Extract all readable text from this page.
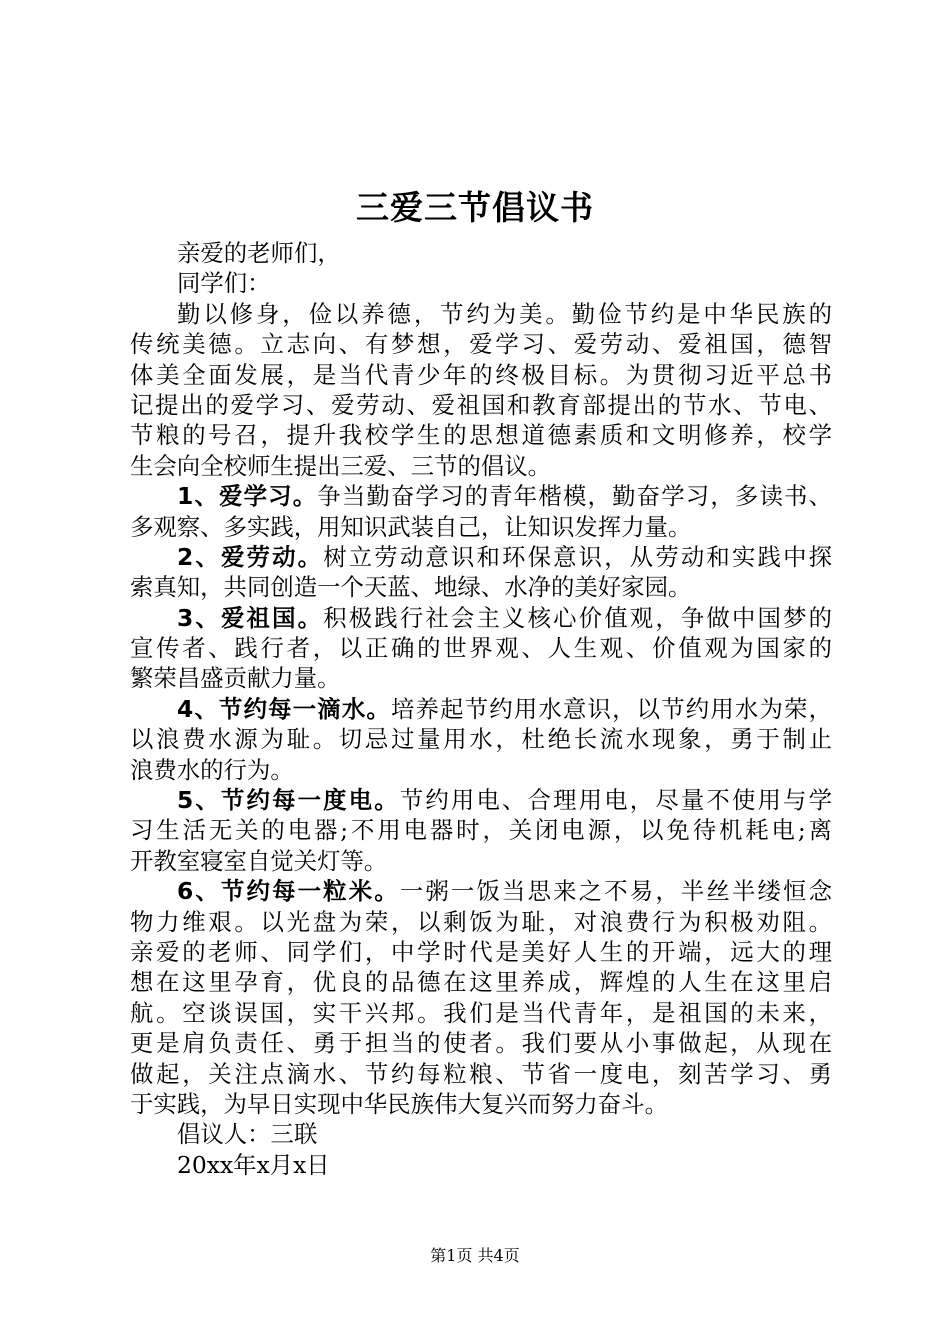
三爱三节倡议书
亲爱的老师们，
同学们：
勤以修身，俭以养德，节约为美。勤俭节约是中华民族的
传统美德。立志向、有梦想，爱学习、爱劳动、爱祖国，德智
体美全面发展，是当代青少年的终极目标。为贯彻习近平总书
记提出的爱学习、爱劳动、爱祖国和教育部提出的节水、节电、
节粮的号召，提升我校学生的思想道德素质和文明修养，校学
生会向全校师生提出三爱、三节的倡议。
1、爱学习。争当勤奋学习的青年楷模，勤奋学习，多读书、
多观察、多实践，用知识武装自己，让知识发挥力量。
2、爱劳动。树立劳动意识和环保意识，从劳动和实践中探
索真知，共同创造一个天蓝、地绿、水净的美好家园。
3、爱祖国。积极践行社会主义核心价值观，争做中国梦的
宣传者、践行者，以正确的世界观、人生观、价值观为国家的
繁荣昌盛贡献力量。
4、节约每一滴水。培养起节约用水意识，以节约用水为荣，
以浪费水源为耻。切忌过量用水，杜绝长流水现象，勇于制止
浪费水的行为。
5、节约每一度电。节约用电、合理用电，尽量不使用与学
习生活无关的电器;不用电器时，关闭电源，以免待机耗电;离
开教室寝室自觉关灯等。
6、节约每一粒米。一粥一饭当思来之不易，半丝半缕恒念
物力维艰。以光盘为荣，以剩饭为耻，对浪费行为积极劝阻。
亲爱的老师、同学们，中学时代是美好人生的开端，远大的理
想在这里孕育，优良的品德在这里养成，辉煌的人生在这里启
航。空谈误国，实干兴邦。我们是当代青年，是祖国的未来，
更是肩负责任、勇于担当的使者。我们要从小事做起，从现在
做起，关注点滴水、节约每粒粮、节省一度电，刻苦学习、勇
于实践，为早日实现中华民族伟大复兴而努力奋斗。
倡议人：三联
20xx年x月x日
第1页 共4页
